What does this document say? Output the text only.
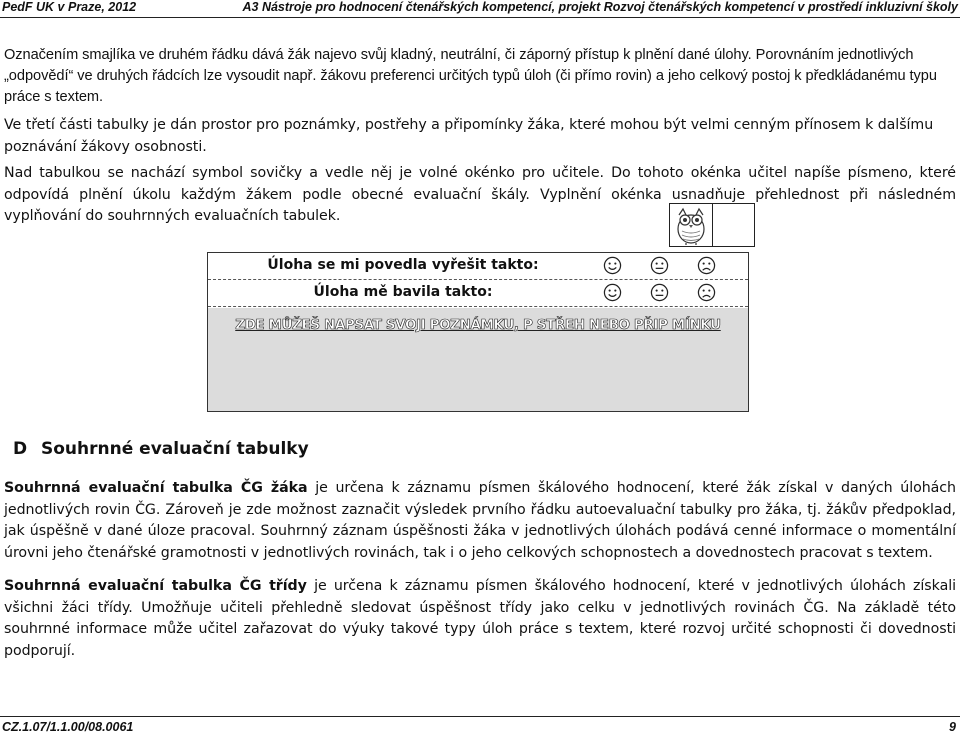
PedF UK v Praze, 2012	A3 Nástroje pro hodnocení čtenářských kompetencí, projekt Rozvoj čtenářských kompetencí v prostředí inkluzivní školy

Označením smajlíka ve druhém řádku dává žák najevo svůj kladný, neutrální, či záporný přístup k plnění dané úlohy. Porovnáním jednotlivých „odpovědí“ ve druhých řádcích lze vysoudit např. žákovu preferenci určitých typů úloh (či přímo rovin) a jeho celkový postoj k předkládanému typu práce s textem.

Ve třetí části tabulky je dán prostor pro poznámky, postřehy a připomínky žáka, které mohou být velmi cenným přínosem k dalšímu poznávání žákovy osobnosti.

Nad tabulkou se nachází symbol sovičky a vedle něj je volné okénko pro učitele. Do tohoto okénka učitel napíše písmeno, které odpovídá plnění úkolu každým žákem podle obecné evaluační škály. Vyplnění okénka usnadňuje přehlednost při následném vyplňování do souhrnných evaluačních tabulek.

Úloha se mi povedla vyřešit takto:
Úloha mě bavila takto:
ZDE MŮŽEŠ NAPSAT SVOJI POZNÁMKU, P STŘEH NEBO PŘIP MÍNKU
D Souhrnné evaluační tabulky

Souhrnná evaluační tabulka ČG žáka je určena k záznamu písmen škálového hodnocení, které žák získal v daných úlohách jednotlivých rovin ČG. Zároveň je zde možnost zaznačit výsledek prvního řádku autoevaluační tabulky pro žáka, tj. žákův předpoklad, jak úspěšně v dané úloze pracoval. Souhrnný záznam úspěšnosti žáka v jednotlivých úlohách podává cenné informace o momentální úrovni jeho čtenářské gramotnosti v jednotlivých rovinách, tak i o jeho celkových schopnostech a dovednostech pracovat s textem.

Souhrnná evaluační tabulka ČG třídy je určena k záznamu písmen škálového hodnocení, které v jednotlivých úlohách získali všichni žáci třídy. Umožňuje učiteli přehledně sledovat úspěšnost třídy jako celku v jednotlivých rovinách ČG. Na základě této souhrnné informace může učitel zařazovat do výuky takové typy úloh práce s textem, které rozvoj určité schopnosti či dovednosti podporují.

CZ.1.07/1.1.00/08.0061	9
